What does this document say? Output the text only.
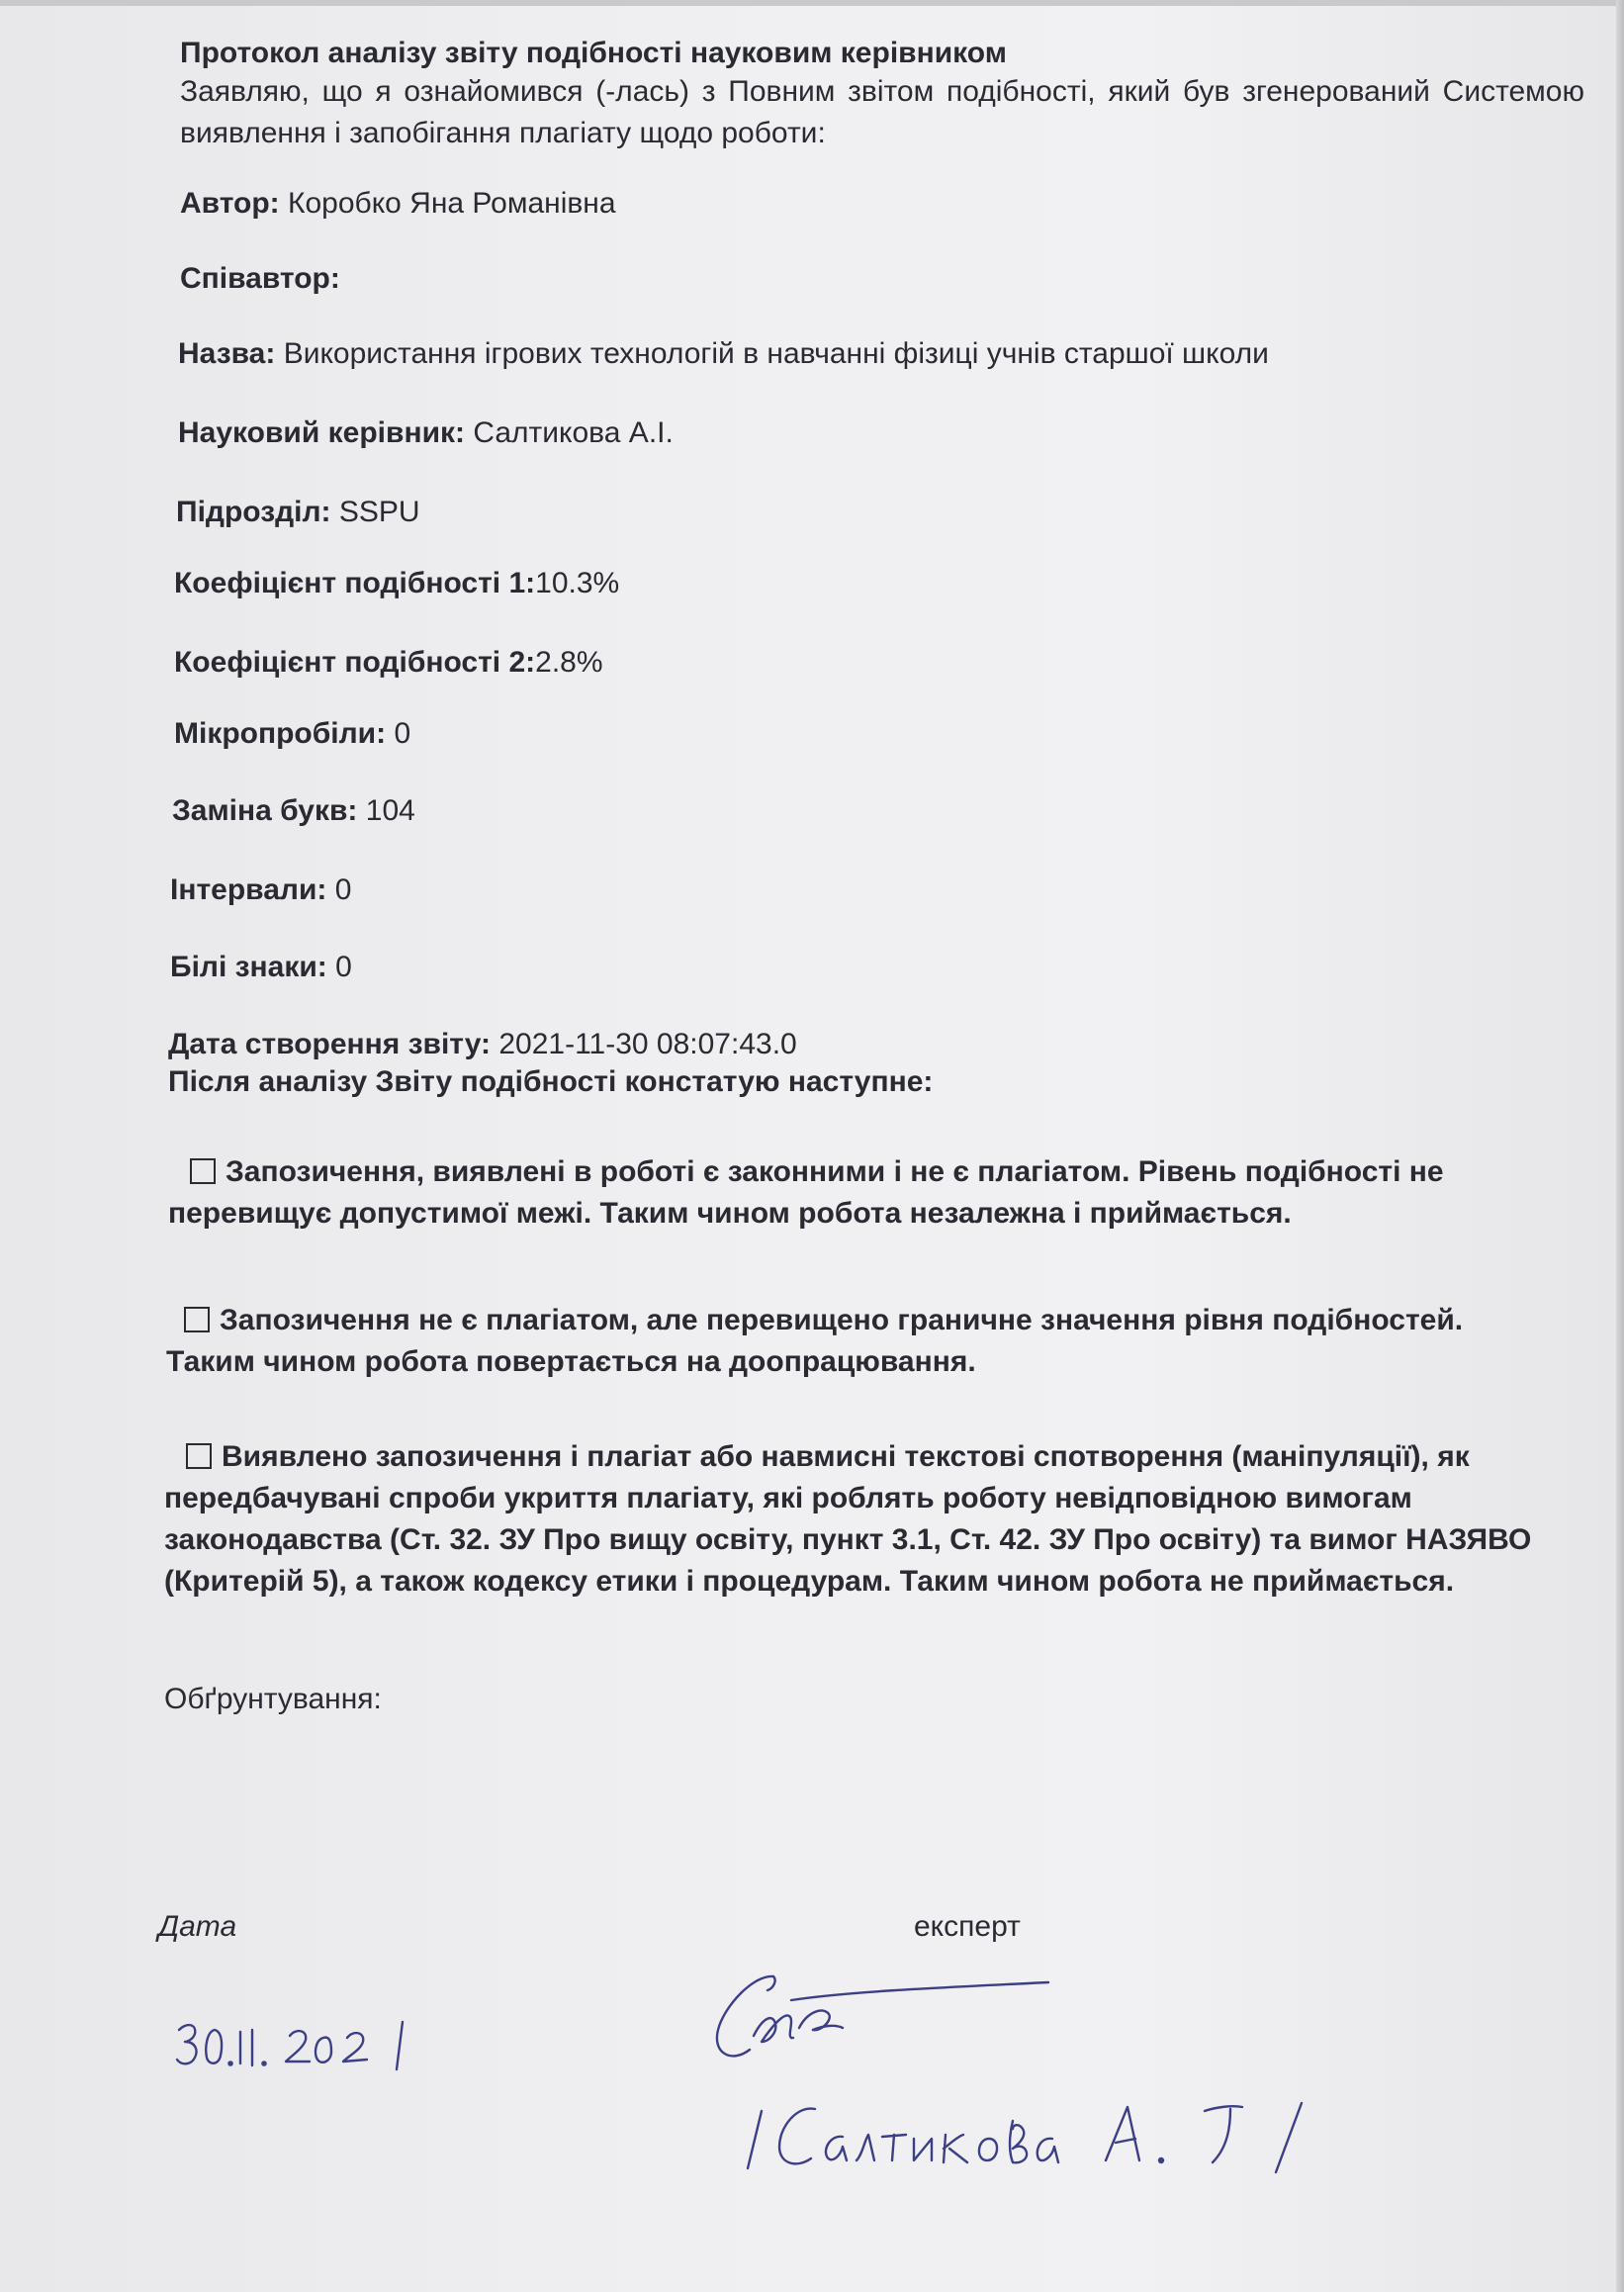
Протокол аналізу звіту подібності науковим керівником
Заявляю, що я ознайомився (-лась) з Повним звітом подібності, який був згенерований Системою виявлення і запобігання плагіату щодо роботи:
Автор: Коробко Яна Романівна
Співавтор:
Назва: Використання ігрових технологій в навчанні фізиці учнів старшої школи
Науковий керівник: Салтикова А.І.
Підрозділ: SSPU
Коефіцієнт подібності 1:10.3%
Коефіцієнт подібності 2:2.8%
Мікропробіли: 0
Заміна букв: 104
Інтервали: 0
Білі знаки: 0
Дата створення звіту: 2021-11-30 08:07:43.0
Після аналізу Звіту подібності констатую наступне:
Запозичення, виявлені в роботі є законними і не є плагіатом. Рівень подібності не перевищує допустимої межі. Таким чином робота незалежна і приймається.
Запозичення не є плагіатом, але перевищено граничне значення рівня подібностей. Таким чином робота повертається на доопрацювання.
Виявлено запозичення і плагіат або навмисні текстові спотворення (маніпуляції), як передбачувані спроби укриття плагіату, які роблять роботу невідповідною вимогам законодавства (Ст. 32. ЗУ Про вищу освіту, пункт 3.1, Ст. 42. ЗУ Про освіту) та вимог НАЗЯВО (Критерій 5), а також кодексу етики і процедурам. Таким чином робота не приймається.
Обґрунтування:
Дата	експерт
